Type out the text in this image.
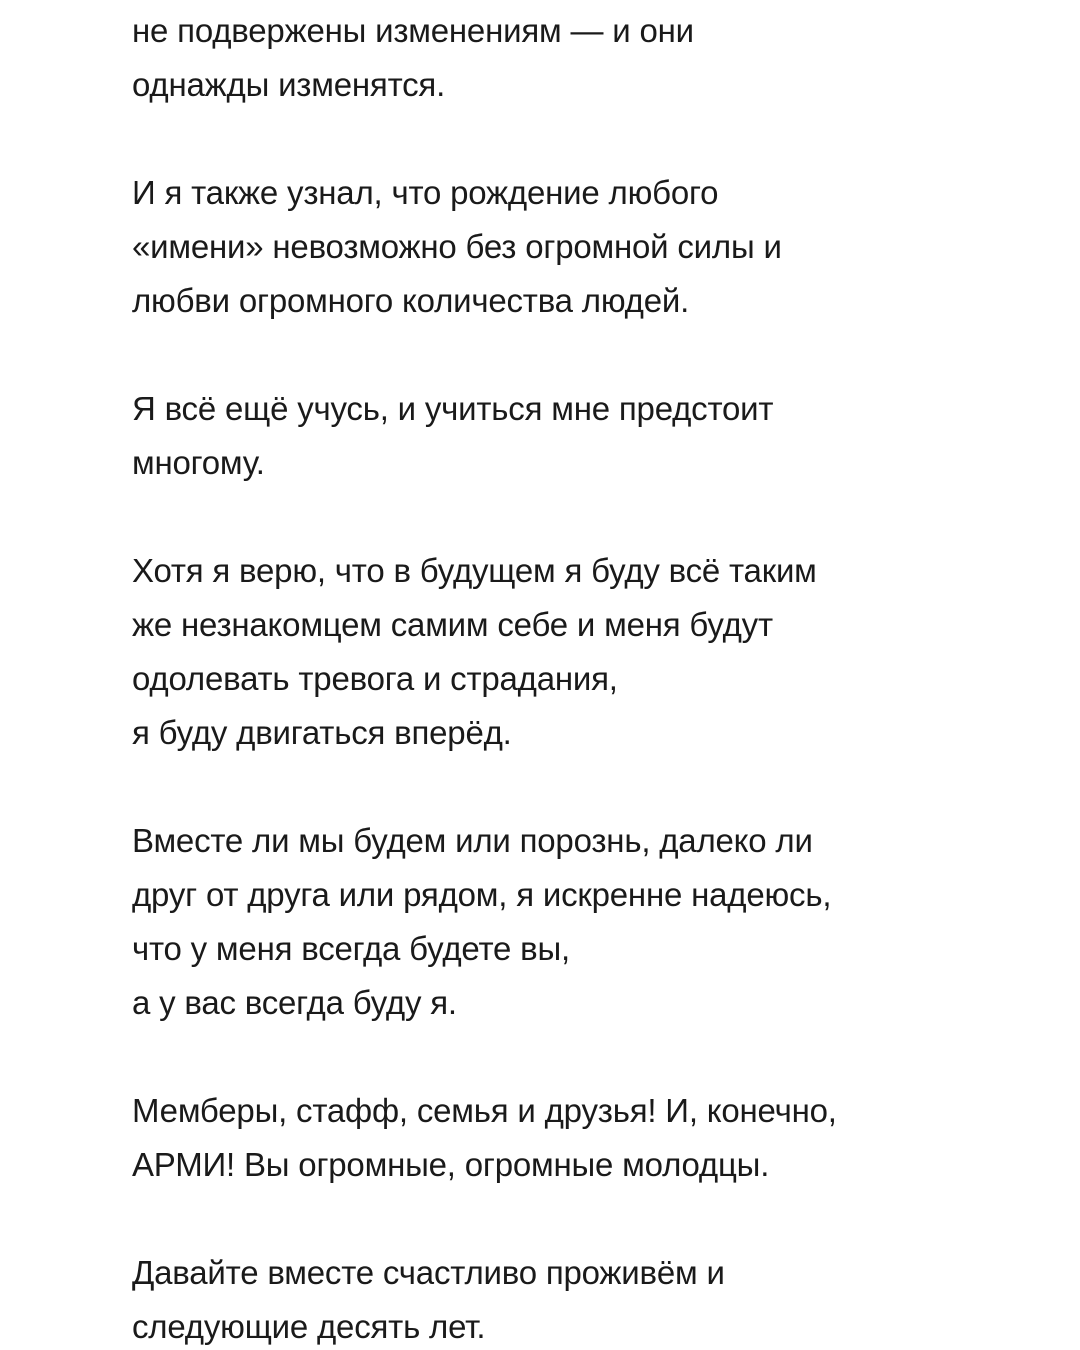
не подвержены изменениям — и они
однажды изменятся.
И я также узнал, что рождение любого
«имени» невозможно без огромной силы и
любви огромного количества людей.
Я всё ещё учусь, и учиться мне предстоит
многому.
Хотя я верю, что в будущем я буду всё таким
же незнакомцем самим себе и меня будут
одолевать тревога и страдания,
я буду двигаться вперёд.
Вместе ли мы будем или порознь, далеко ли
друг от друга или рядом, я искренне надеюсь,
что у меня всегда будете вы,
а у вас всегда буду я.
Мемберы, стафф, семья и друзья! И, конечно,
АРМИ! Вы огромные, огромные молодцы.
Давайте вместе счастливо проживём и
следующие десять лет.
